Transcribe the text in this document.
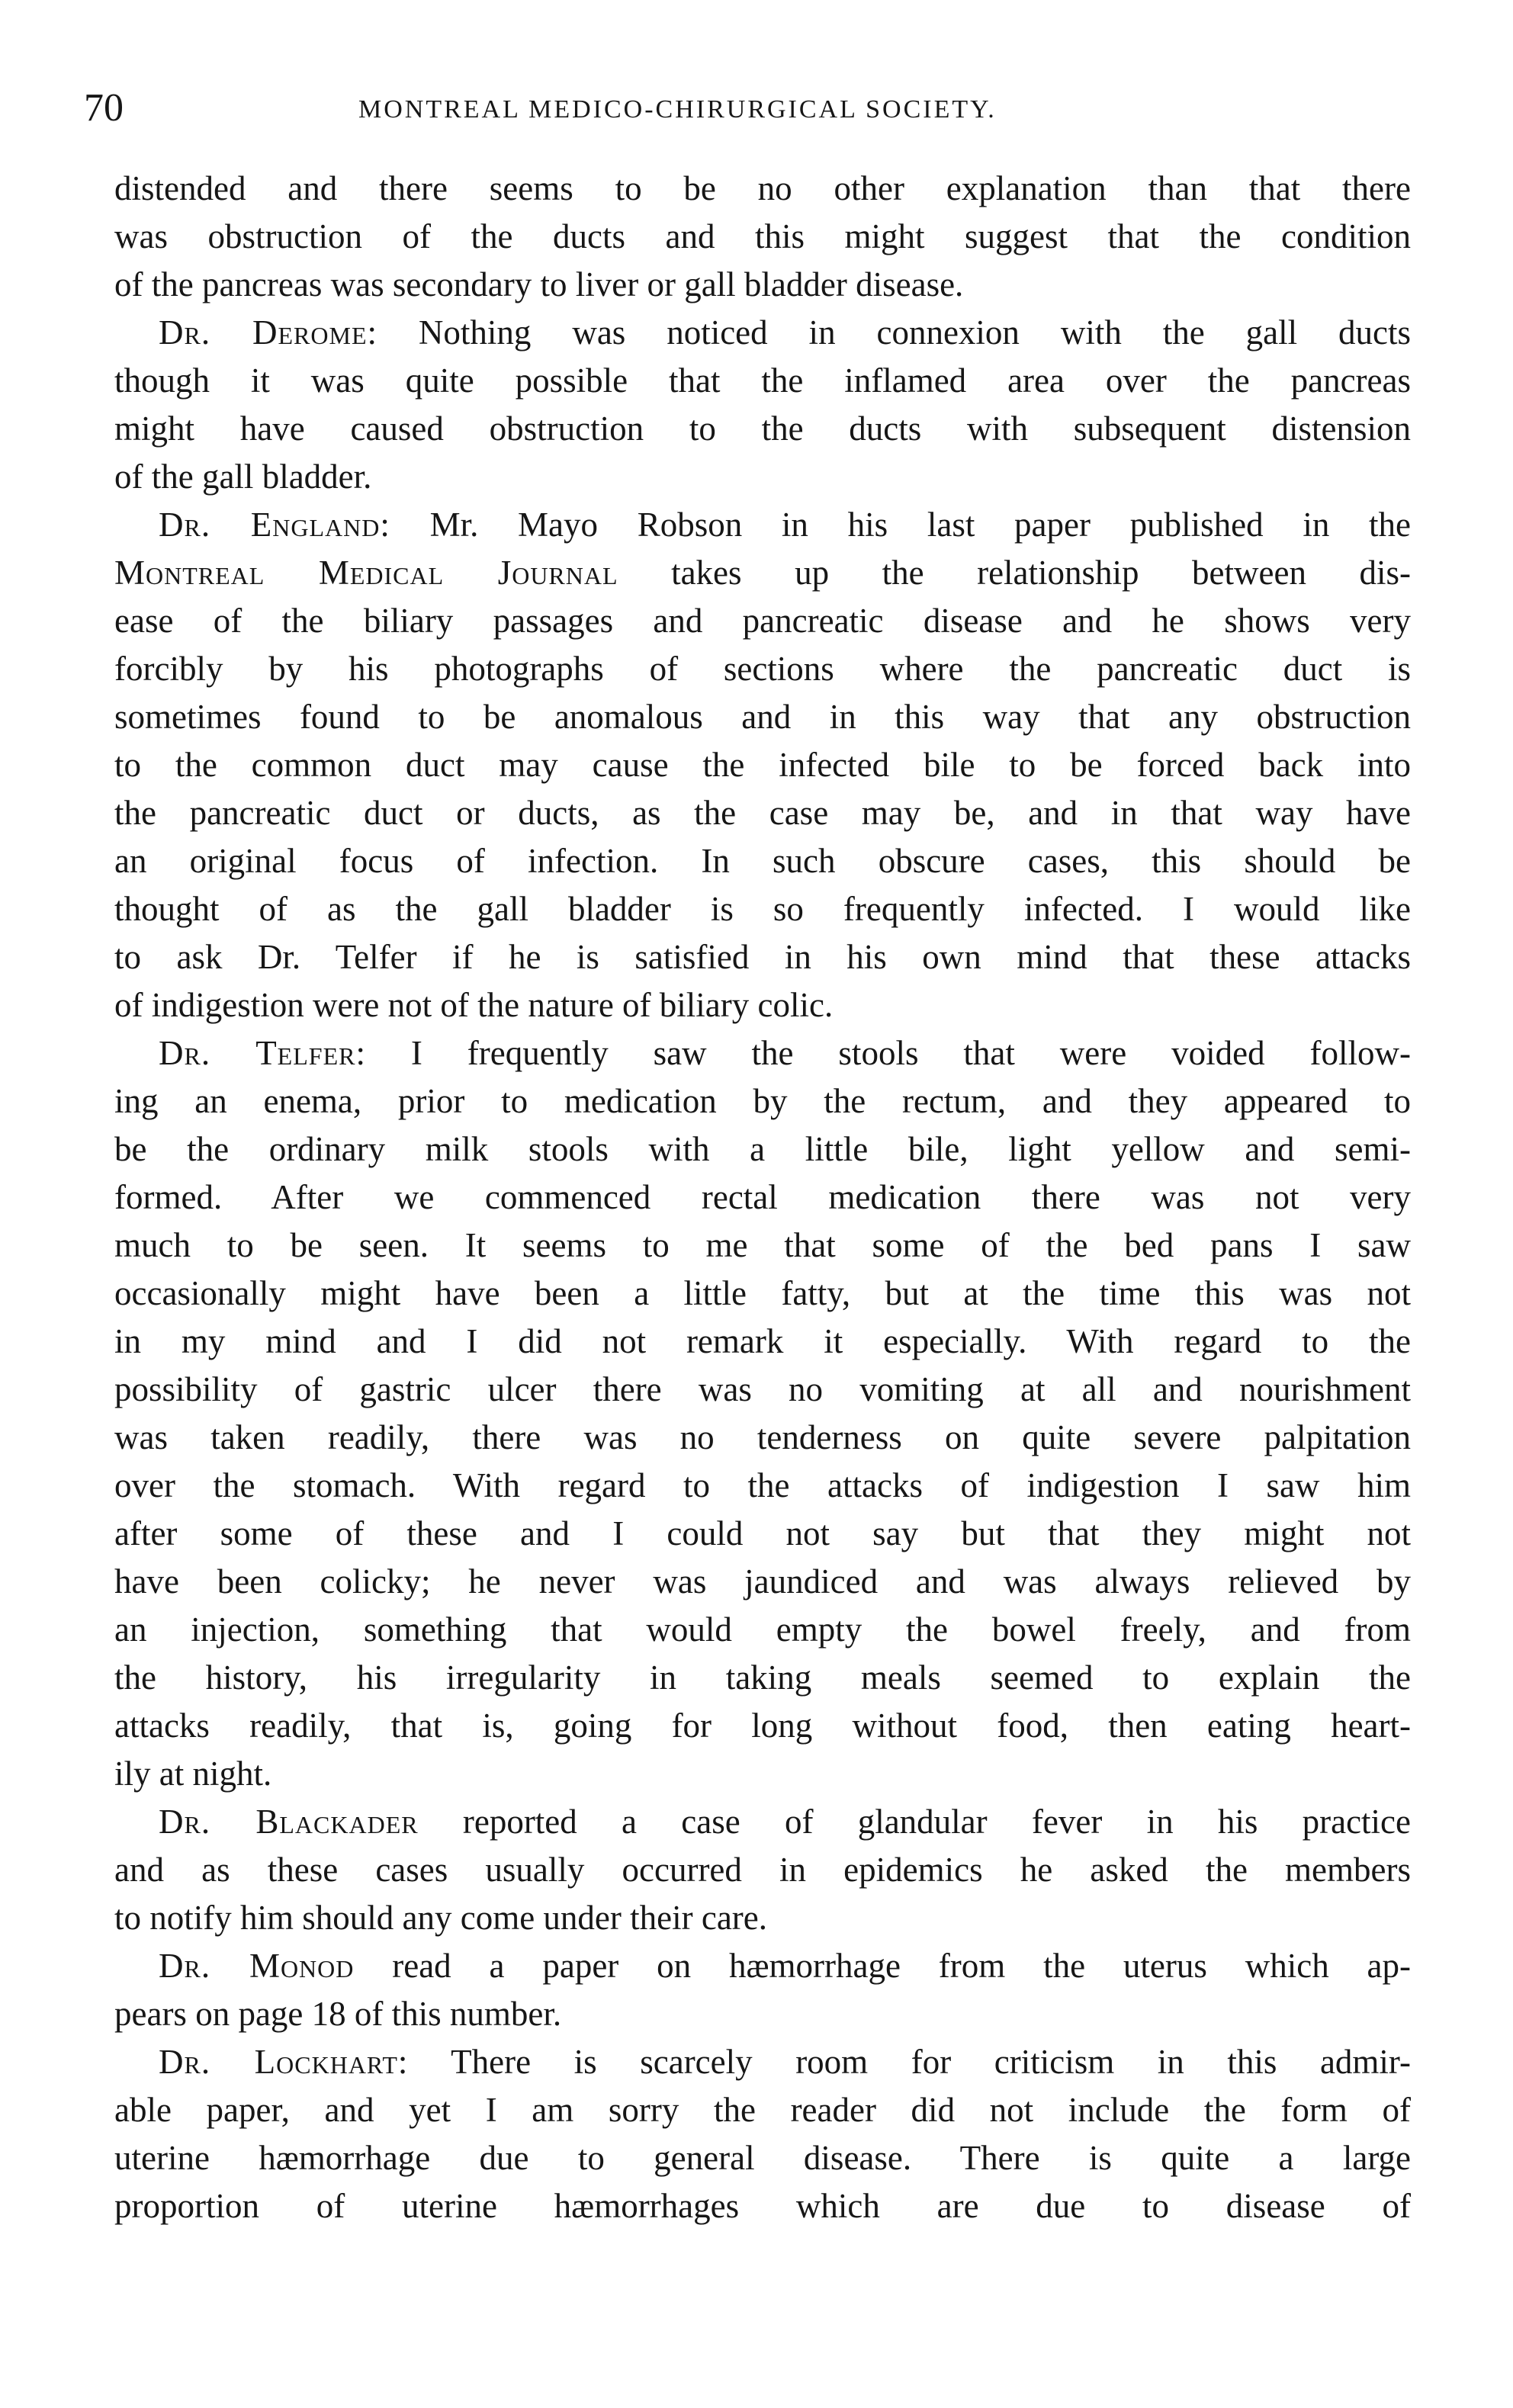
70	MONTREAL MEDICO-CHIRURGICAL SOCIETY.

distended and there seems to be no other explanation than that there
was obstruction of the ducts and this might suggest that the condition
of the pancreas was secondary to liver or gall bladder disease.

Dr. Derome: Nothing was noticed in connexion with the gall ducts
though it was quite possible that the inflamed area over the pancreas
might have caused obstruction to the ducts with subsequent distension
of the gall bladder.

Dr. England: Mr. Mayo Robson in his last paper published in the
Montreal Medical Journal takes up the relationship between dis-
ease of the biliary passages and pancreatic disease and he shows very
forcibly by his photographs of sections where the pancreatic duct is
sometimes found to be anomalous and in this way that any obstruction
to the common duct may cause the infected bile to be forced back into
the pancreatic duct or ducts, as the case may be, and in that way have
an original focus of infection. In such obscure cases, this should be
thought of as the gall bladder is so frequently infected. I would like
to ask Dr. Telfer if he is satisfied in his own mind that these attacks
of indigestion were not of the nature of biliary colic.

Dr. Telfer: I frequently saw the stools that were voided follow-
ing an enema, prior to medication by the rectum, and they appeared to
be the ordinary milk stools with a little bile, light yellow and semi-
formed. After we commenced rectal medication there was not very
much to be seen. It seems to me that some of the bed pans I saw
occasionally might have been a little fatty, but at the time this was not
in my mind and I did not remark it especially. With regard to the
possibility of gastric ulcer there was no vomiting at all and nourishment
was taken readily, there was no tenderness on quite severe palpitation
over the stomach. With regard to the attacks of indigestion I saw him
after some of these and I could not say but that they might not
have been colicky; he never was jaundiced and was always relieved by
an injection, something that would empty the bowel freely, and from
the history, his irregularity in taking meals seemed to explain the
attacks readily, that is, going for long without food, then eating heart-
ily at night.

Dr. Blackader reported a case of glandular fever in his practice
and as these cases usually occurred in epidemics he asked the members
to notify him should any come under their care.

Dr. Monod read a paper on hæmorrhage from the uterus which ap-
pears on page 18 of this number.

Dr. Lockhart: There is scarcely room for criticism in this admir-
able paper, and yet I am sorry the reader did not include the form of
uterine hæmorrhage due to general disease. There is quite a large
proportion of uterine hæmorrhages which are due to disease of
